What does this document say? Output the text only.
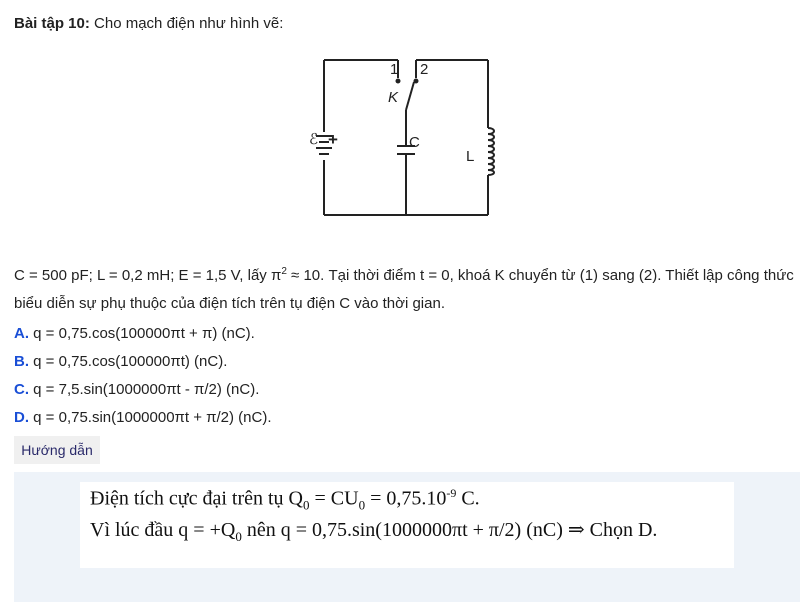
Bài tập 10: Cho mạch điện như hình vẽ:
1 2
K
ℰ +	C
L
C = 500 pF; L = 0,2 mH; E = 1,5 V, lấy $\pi^2 \approx 10$. Tại thời điểm t = 0, khoá K chuyển từ (1) sang (2). Thiết lập công thức biểu diễn sự phụ thuộc của điện tích trên tụ điện C vào thời gian.
A. q = 0,75.cos(100000πt + π) (nC).
B. q = 0,75.cos(100000πt) (nC).
C. q = 7,5.sin(1000000πt - π/2) (nC).
D. q = 0,75.sin(1000000πt + π/2) (nC).
Hướng dẫn
Điện tích cực đại trên tụ $Q_0 = CU_0 = 0,75.10^{-9}$ C.
Vì lúc đầu $q = +Q_0$ nên q = 0,75.sin(1000000πt + π/2) (nC) ⇒ Chọn D.
